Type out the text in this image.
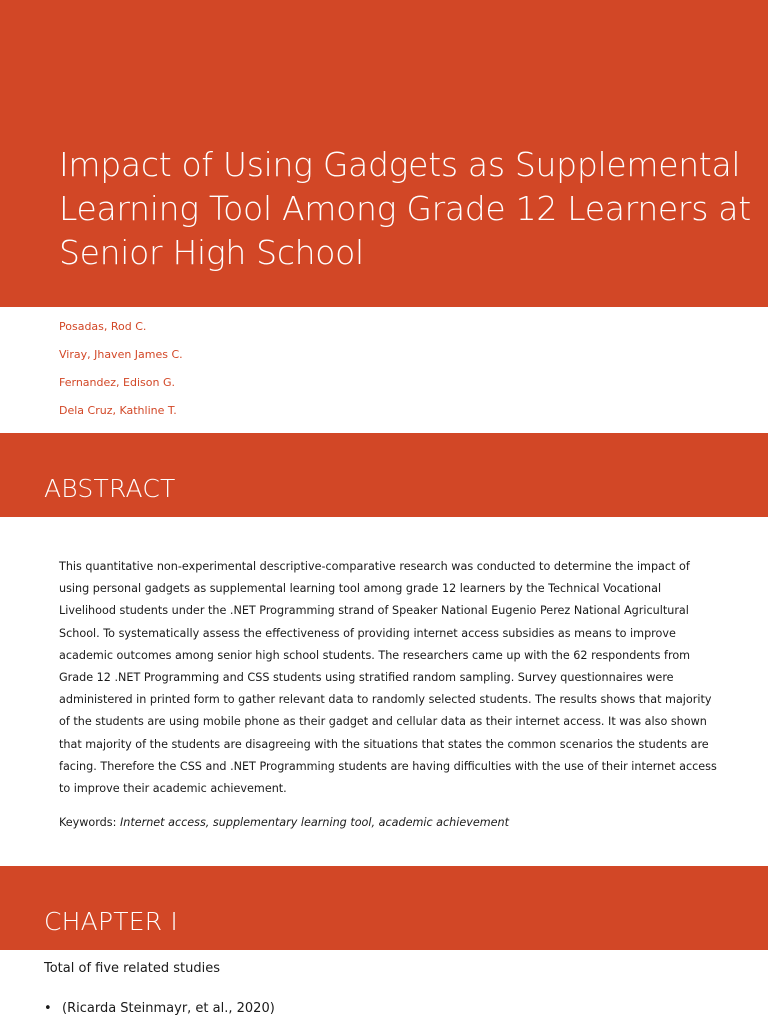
Impact of Using Gadgets as Supplemental Learning Tool Among Grade 12 Learners at Senior High School
Posadas, Rod C.
Viray, Jhaven James C.
Fernandez, Edison G.
Dela Cruz, Kathline T.
ABSTRACT

This quantitative non-experimental descriptive-comparative research was conducted to determine the impact of using personal gadgets as supplemental learning tool among grade 12 learners by the Technical Vocational Livelihood students under the .NET Programming strand of Speaker National Eugenio Perez National Agricultural School. To systematically assess the effectiveness of providing internet access subsidies as means to improve academic outcomes among senior high school students. The researchers came up with the 62 respondents from Grade 12 .NET Programming and CSS students using stratified random sampling. Survey questionnaires were administered in printed form to gather relevant data to randomly selected students. The results shows that majority of the students are using mobile phone as their gadget and cellular data as their internet access. It was also shown that majority of the students are disagreeing with the situations that states the common scenarios the students are facing. Therefore the CSS and .NET Programming students are having difficulties with the use of their internet access to improve their academic achievement.

Keywords: Internet access, supplementary learning tool, academic achievement

CHAPTER I

Total of five related studies

• (Ricarda Steinmayr, et al., 2020)
